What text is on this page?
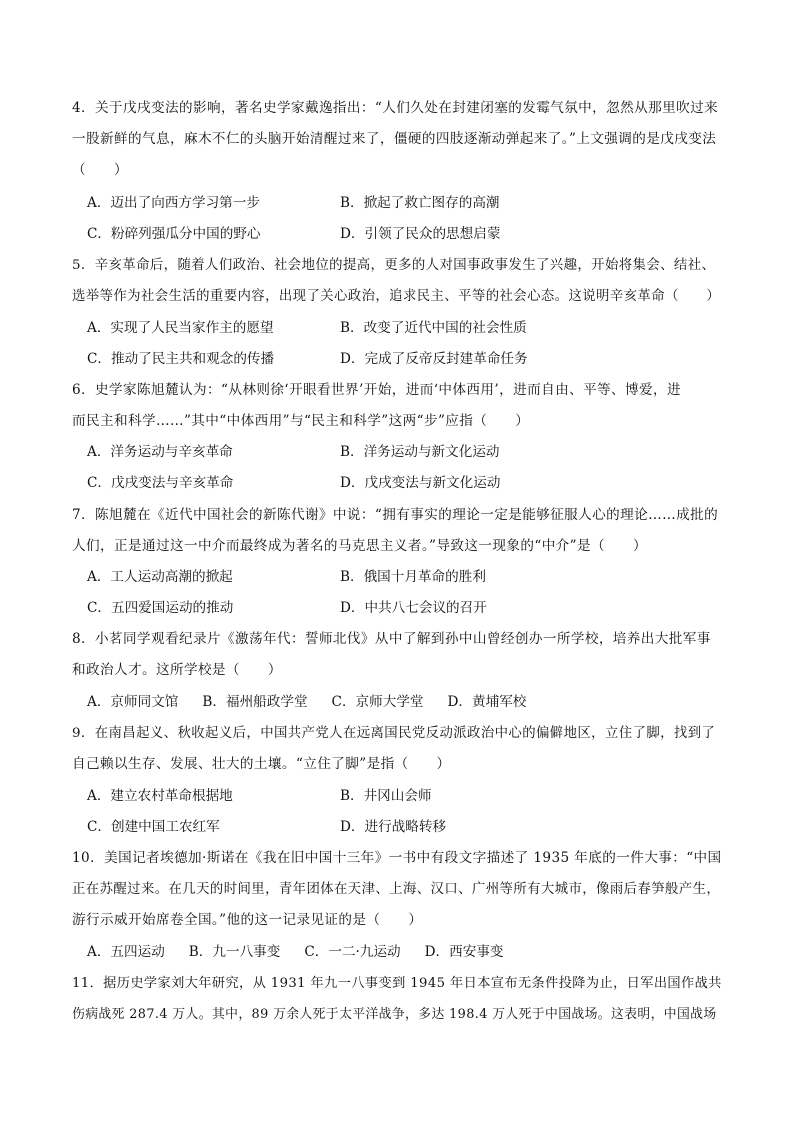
4．关于戊戌变法的影响，著名史学家戴逸指出：“人们久处在封建闭塞的发霉气氛中，忽然从那里吹过来
一股新鲜的气息，麻木不仁的头脑开始清醒过来了，僵硬的四肢逐渐动弹起来了。”上文强调的是戊戌变法
（　　）
A．迈出了向西方学习第一步	B．掀起了救亡图存的高潮
C．粉碎列强瓜分中国的野心	D．引领了民众的思想启蒙
5．辛亥革命后，随着人们政治、社会地位的提高，更多的人对国事政事发生了兴趣，开始将集会、结社、
选举等作为社会生活的重要内容，出现了关心政治，追求民主、平等的社会心态。这说明辛亥革命（　　）
A．实现了人民当家作主的愿望	B．改变了近代中国的社会性质
C．推动了民主共和观念的传播	D．完成了反帝反封建革命任务
6．史学家陈旭麓认为：“从林则徐‘开眼看世界’开始，进而‘中体西用’，进而自由、平等、博爱，进
而民主和科学……”其中“中体西用”与“民主和科学”这两“步”应指（　　）
A．洋务运动与辛亥革命	B．洋务运动与新文化运动
C．戊戌变法与辛亥革命	D．戊戌变法与新文化运动
7．陈旭麓在《近代中国社会的新陈代谢》中说：“拥有事实的理论一定是能够征服人心的理论……成批的
人们，正是通过这一中介而最终成为著名的马克思主义者。”导致这一现象的“中介”是（　　）
A．工人运动高潮的掀起	B．俄国十月革命的胜利
C．五四爱国运动的推动	D．中共八七会议的召开
8．小茗同学观看纪录片《激荡年代：誓师北伐》从中了解到孙中山曾经创办一所学校，培养出大批军事
和政治人才。这所学校是（　　）
A．京师同文馆 B．福州船政学堂 C．京师大学堂 D．黄埔军校
9．在南昌起义、秋收起义后，中国共产党人在远离国民党反动派政治中心的偏僻地区，立住了脚，找到了
自己赖以生存、发展、壮大的土壤。“立住了脚”是指（　　）
A．建立农村革命根据地	B．井冈山会师
C．创建中国工农红军	D．进行战略转移
10．美国记者埃德加·斯诺在《我在旧中国十三年》一书中有段文字描述了 1935 年底的一件大事：“中国
正在苏醒过来。在几天的时间里，青年团体在天津、上海、汉口、广州等所有大城市，像雨后春笋般产生，
游行示威开始席卷全国。”他的这一记录见证的是（　　）
A．五四运动 B．九一八事变 C．一二·九运动 D．西安事变
11．据历史学家刘大年研究，从 1931 年九一八事变到 1945 年日本宣布无条件投降为止，日军出国作战共
伤病战死 287.4 万人。其中，89 万余人死于太平洋战争，多达 198.4 万人死于中国战场。这表明，中国战场
